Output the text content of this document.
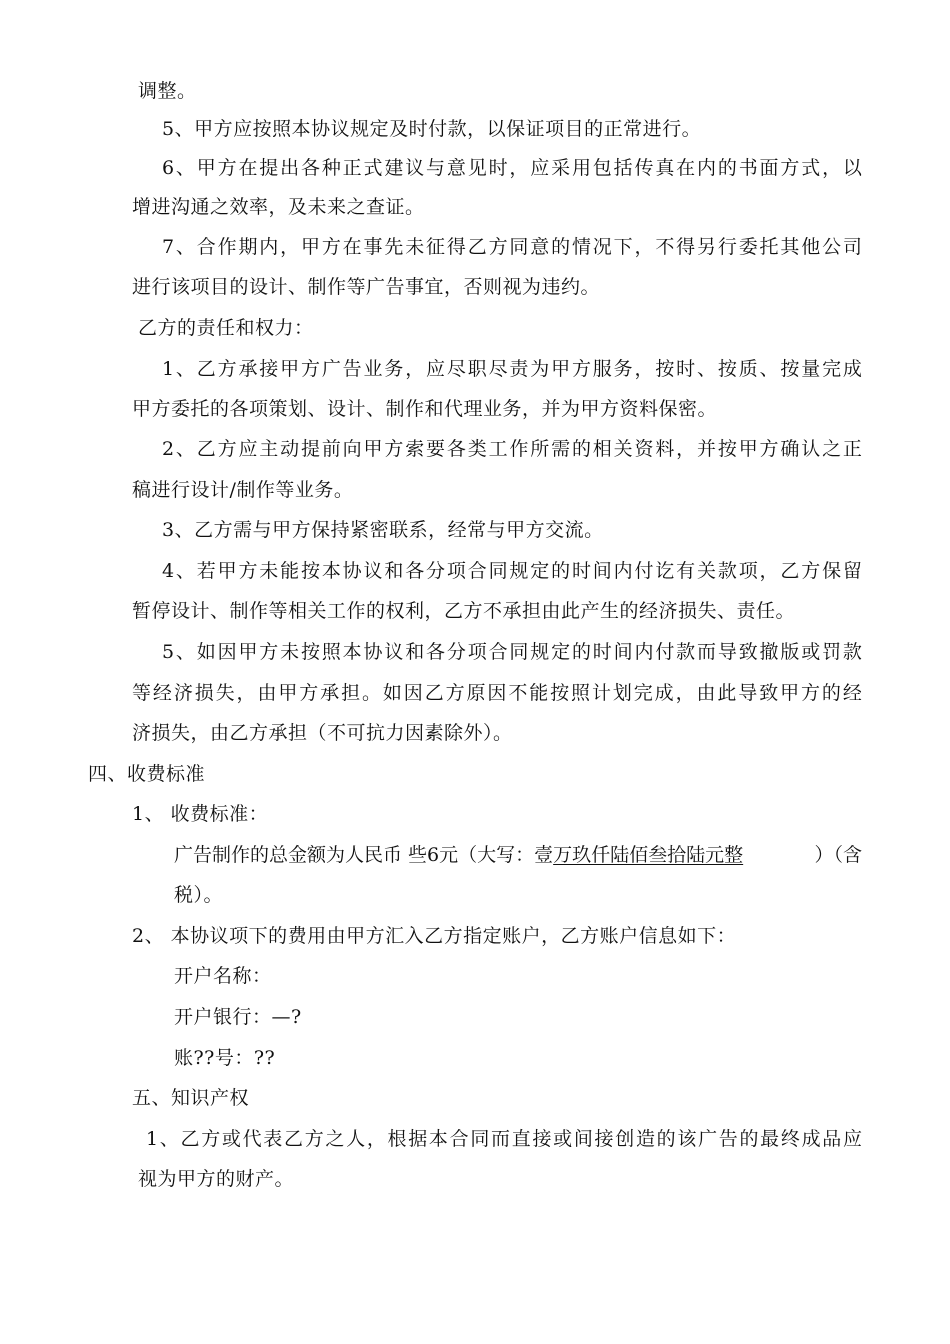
调整。
5、甲方应按照本协议规定及时付款，以保证项目的正常进行。
6 、 甲 方 在 提 出 各 种 正 式 建 议 与 意 见 时 ， 应 采 用 包 括 传 真 在 内 的 书 面 方 式 ， 以
增进沟通之效率，及未来之查证。
7 、 合 作 期 内 ， 甲 方 在 事 先 未 征 得 乙 方 同 意 的 情 况 下 ， 不 得 另 行 委 托 其 他 公 司
进行该项目的设计、制作等广告事宜，否则视为违约。
乙方的责任和权力：
1 、 乙 方 承 接 甲 方 广 告 业 务 ， 应 尽 职 尽 责 为 甲 方 服 务 ， 按 时 、 按 质 、 按 量 完 成
甲方委托的各项策划、设计、制作和代理业务，并为甲方资料保密。
2 、 乙 方 应 主 动 提 前 向 甲 方 索 要 各 类 工 作 所 需 的 相 关 资 料 ， 并 按 甲 方 确 认 之 正
稿进行设计/制作等业务。
3、乙方需与甲方保持紧密联系，经常与甲方交流。
4 、 若 甲 方 未 能 按 本 协 议 和 各 分 项 合 同 规 定 的 时 间 内 付 讫 有 关 款 项 ， 乙 方 保 留
暂停设计、制作等相关工作的权利，乙方不承担由此产生的经济损失、责任。
5 、 如 因 甲 方 未 按 照 本 协 议 和 各 分 项 合 同 规 定 的 时 间 内 付 款 而 导 致 撤 版 或 罚 款
等 经 济 损 失 ， 由 甲 方 承 担 。 如 因 乙 方 原 因 不 能 按 照 计 划 完 成 ， 由 此 导 致 甲 方 的 经
济损失，由乙方承担（不可抗力因素除外）。
四、收费标准
1、 收费标准：
广告制作的总金额为人民币 些6元（大写：壹万玖仟陆佰叁拾陆元整	）（含
税）。
2、 本协议项下的费用由甲方汇入乙方指定账户，乙方账户信息如下：
开户名称：
开户银行：—?
账??号：??
五、知识产权
1 、 乙 方 或 代 表 乙 方 之 人 ， 根 据 本 合 同 而 直 接 或 间 接 创 造 的 该 广 告 的 最 终 成 品 应
视为甲方的财产。
